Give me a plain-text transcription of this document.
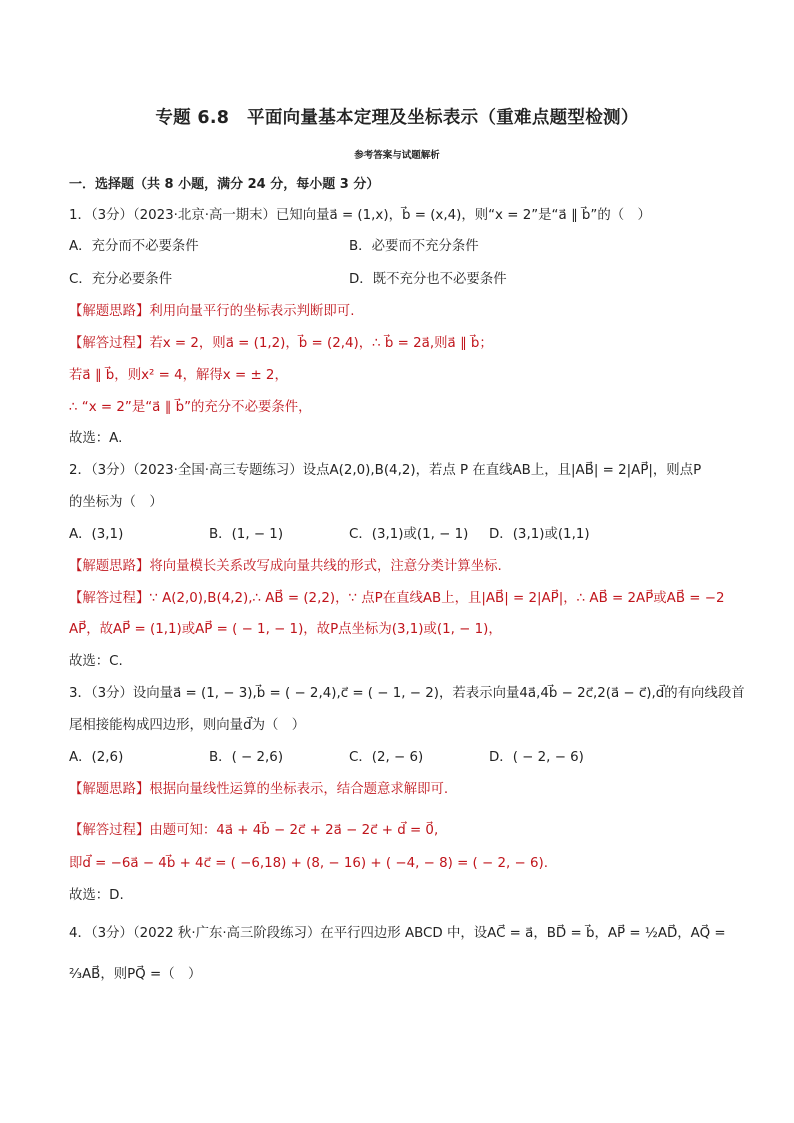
专题 6.8　平面向量基本定理及坐标表示（重难点题型检测）
参考答案与试题解析
一．选择题（共 8 小题，满分 24 分，每小题 3 分）
1．（3分）（2023·北京·高一期末）已知向量a⃗ = (1,x)，b⃗ = (x,4)，则“x = 2”是“a⃗ ∥ b⃗”的（　）
A．充分而不必要条件	B．必要而不充分条件
C．充分必要条件	D．既不充分也不必要条件
【解题思路】利用向量平行的坐标表示判断即可.
【解答过程】若x = 2，则a⃗ = (1,2)，b⃗ = (2,4)，∴ b⃗ = 2a⃗,则a⃗ ∥ b⃗；
若a⃗ ∥ b⃗，则x² = 4，解得x = ± 2，
∴ “x = 2”是“a⃗ ∥ b⃗”的充分不必要条件，
故选：A.
2．（3分）（2023·全国·高三专题练习）设点A(2,0),B(4,2)，若点 P 在直线AB上，且|AB⃗| = 2|AP⃗|，则点P
的坐标为（　）
A．(3,1)	B．(1, − 1)	C．(3,1)或(1, − 1) D．(3,1)或(1,1)
【解题思路】将向量模长关系改写成向量共线的形式，注意分类计算坐标.
【解答过程】∵ A(2,0),B(4,2),∴ AB⃗ = (2,2)，∵ 点P在直线AB上，且|AB⃗| = 2|AP⃗|，∴ AB⃗ = 2AP⃗或AB⃗ = −2
AP⃗，故AP⃗ = (1,1)或AP⃗ = ( − 1, − 1)，故P点坐标为(3,1)或(1, − 1)，
故选：C.
3．（3分）设向量a⃗ = (1, − 3),b⃗ = ( − 2,4),c⃗ = ( − 1, − 2)，若表示向量4a⃗,4b⃗ − 2c⃗,2(a⃗ − c⃗),d⃗的有向线段首
尾相接能构成四边形，则向量d⃗为（　）
A．(2,6)	B．( − 2,6)	C．(2, − 6)	D．( − 2, − 6)
【解题思路】根据向量线性运算的坐标表示，结合题意求解即可.
【解答过程】由题可知：4a⃗ + 4b⃗ − 2c⃗ + 2a⃗ − 2c⃗ + d⃗ = 0⃗,
即d⃗ = −6a⃗ − 4b⃗ + 4c⃗ = ( −6,18) + (8, − 16) + ( −4, − 8) = ( − 2, − 6).
故选：D.
4．（3分）（2022 秋·广东·高三阶段练习）在平行四边形 ABCD 中，设AC⃗ = a⃗，BD⃗ = b⃗，AP⃗ = ½AD⃗，AQ⃗ =
⅔AB⃗，则PQ⃗ =（　）
